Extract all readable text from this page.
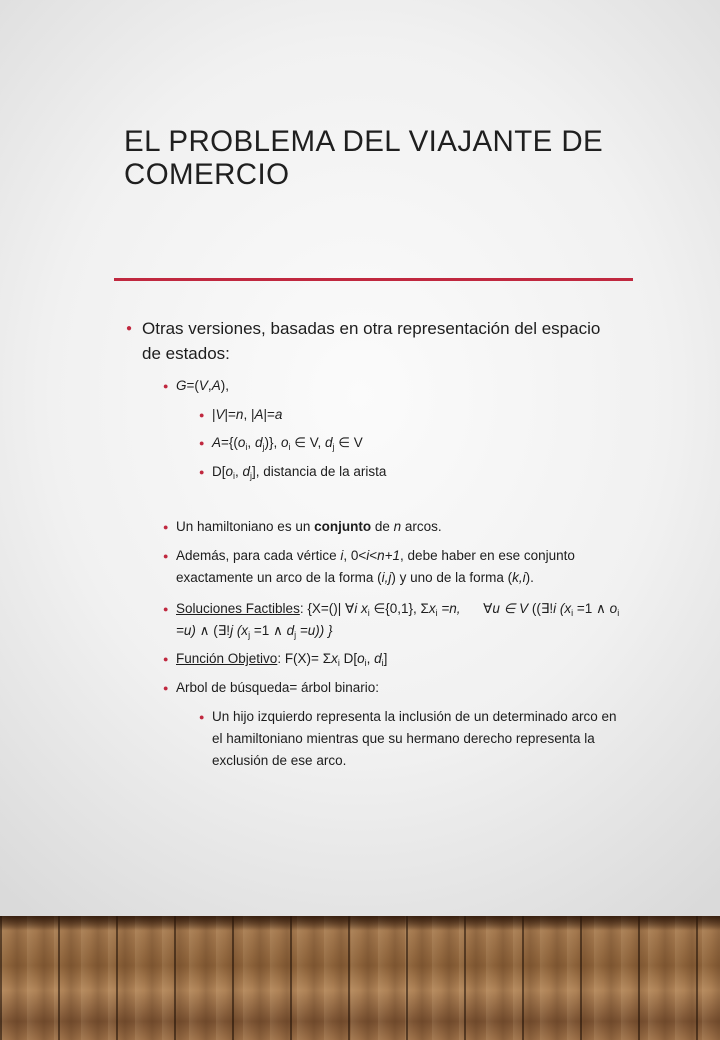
EL PROBLEMA DEL VIAJANTE DE
COMERCIO
● Otras versiones, basadas en otra representación del espacio de estados:
● G=(V,A),
● |V|=n, |A|=a
● $A=\{(o_i$, $d_j$)}, $o_i$ ∈ V, $d_j$ ∈ V
● $D[o_i$, $d_j$], distancia de la arista
● Un hamiltoniano es un conjunto de n arcos.
● Además, para cada vértice i, 0<i<n+1, debe haber en ese conjunto exactamente un arco de la forma (i,j) y uno de la forma (k,i).
● Soluciones Factibles: {X=()| ∀i $x_i$ ∈{0,1}, $\Sigma x_i =n$, ∀u ∈ V ((∃!i ($x_i =1$ ∧ $o_i =u$) ∧ (∃!j ($x_j =1$ ∧ $d_j =u$)) }
● Función Objetivo: $F(X)= \Sigma x_i$ $D[o_i$, $d_i$]
● Arbol de búsqueda= árbol binario:
● Un hijo izquierdo representa la inclusión de un determinado arco en el hamiltoniano mientras que su hermano derecho representa la exclusión de ese arco.
